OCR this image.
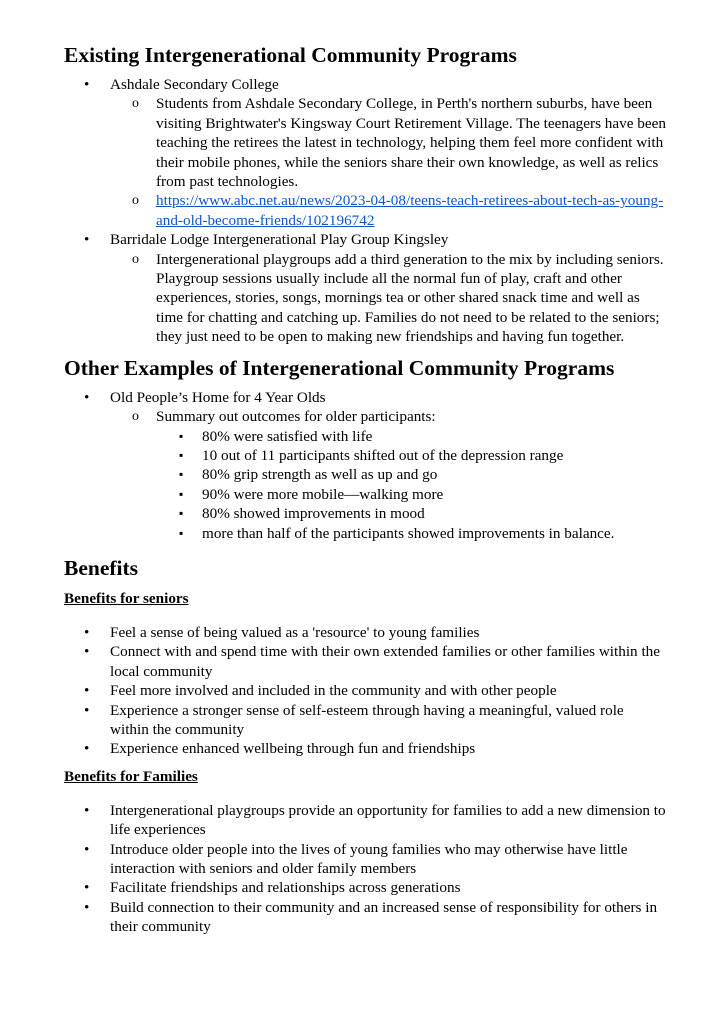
Existing Intergenerational Community Programs
• Ashdale Secondary College
o Students from Ashdale Secondary College, in Perth's northern suburbs, have been visiting Brightwater's Kingsway Court Retirement Village. The teenagers have been teaching the retirees the latest in technology, helping them feel more confident with their mobile phones, while the seniors share their own knowledge, as well as relics from past technologies.
o https://www.abc.net.au/news/2023-04-08/teens-teach-retirees-about-tech-as-young-and-old-become-friends/102196742
• Barridale Lodge Intergenerational Play Group Kingsley
o Intergenerational playgroups add a third generation to the mix by including seniors. Playgroup sessions usually include all the normal fun of play, craft and other experiences, stories, songs, mornings tea or other shared snack time and well as time for chatting and catching up. Families do not need to be related to the seniors; they just need to be open to making new friendships and having fun together.
Other Examples of Intergenerational Community Programs
• Old People’s Home for 4 Year Olds
o Summary out outcomes for older participants:
▪ 80% were satisfied with life
▪ 10 out of 11 participants shifted out of the depression range
▪ 80% grip strength as well as up and go
▪ 90% were more mobile—walking more
▪ 80% showed improvements in mood
▪ more than half of the participants showed improvements in balance.
Benefits
Benefits for seniors
• Feel a sense of being valued as a 'resource' to young families
• Connect with and spend time with their own extended families or other families within the local community
• Feel more involved and included in the community and with other people
• Experience a stronger sense of self-esteem through having a meaningful, valued role within the community
• Experience enhanced wellbeing through fun and friendships
Benefits for Families
• Intergenerational playgroups provide an opportunity for families to add a new dimension to life experiences
• Introduce older people into the lives of young families who may otherwise have little interaction with seniors and older family members
• Facilitate friendships and relationships across generations
• Build connection to their community and an increased sense of responsibility for others in their community
